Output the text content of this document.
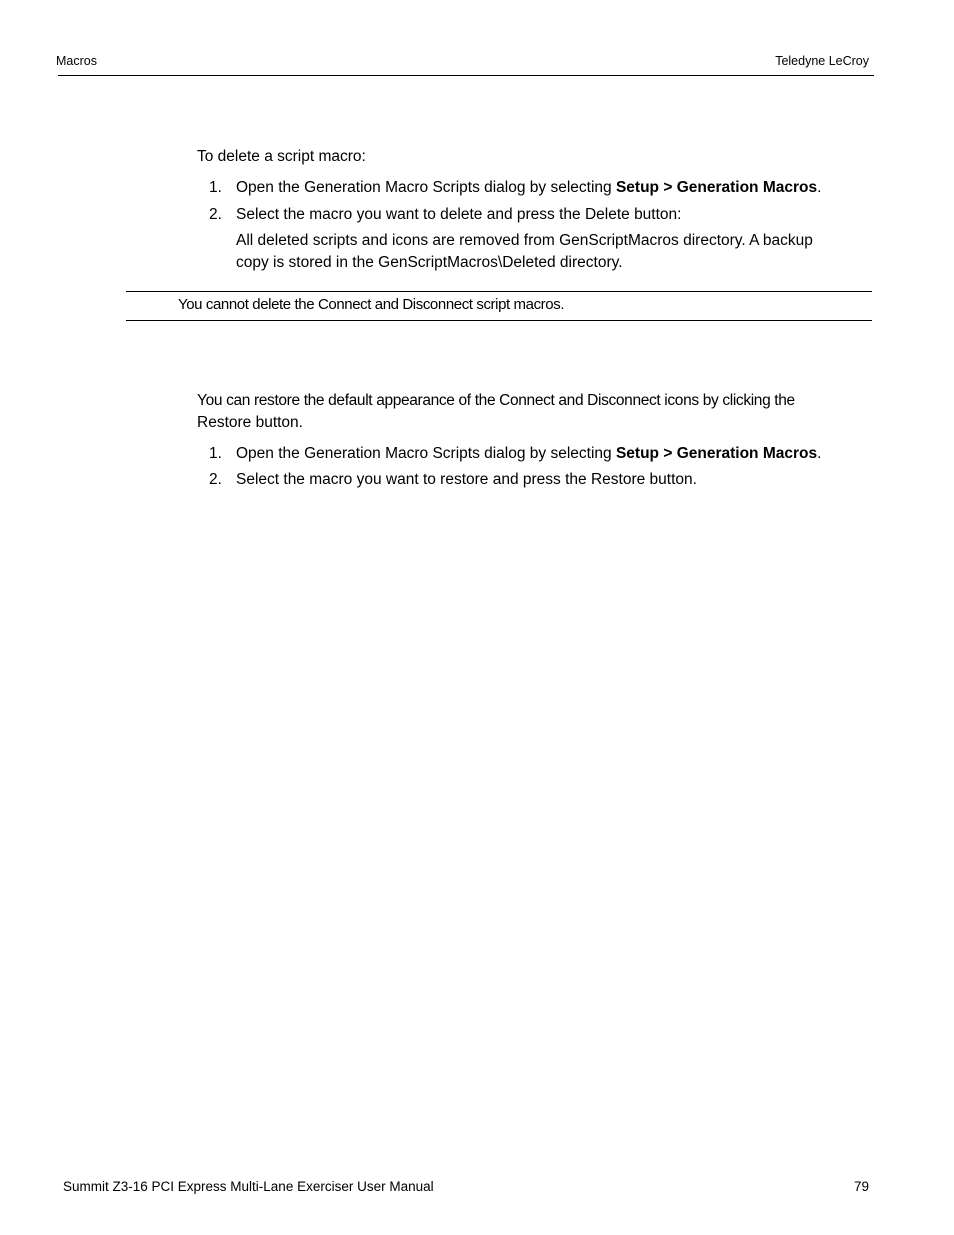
Macros	Teledyne LeCroy
To delete a script macro:
1. Open the Generation Macro Scripts dialog by selecting Setup > Generation Macros.
2. Select the macro you want to delete and press the Delete button:
All deleted scripts and icons are removed from GenScriptMacros directory. A backup
copy is stored in the GenScriptMacros\Deleted directory.
You cannot delete the Connect and Disconnect script macros.
You can restore the default appearance of the Connect and Disconnect icons by clicking the
Restore button.
1. Open the Generation Macro Scripts dialog by selecting Setup > Generation Macros.
2. Select the macro you want to restore and press the Restore button.
Summit Z3-16 PCI Express Multi-Lane Exerciser User Manual	79
